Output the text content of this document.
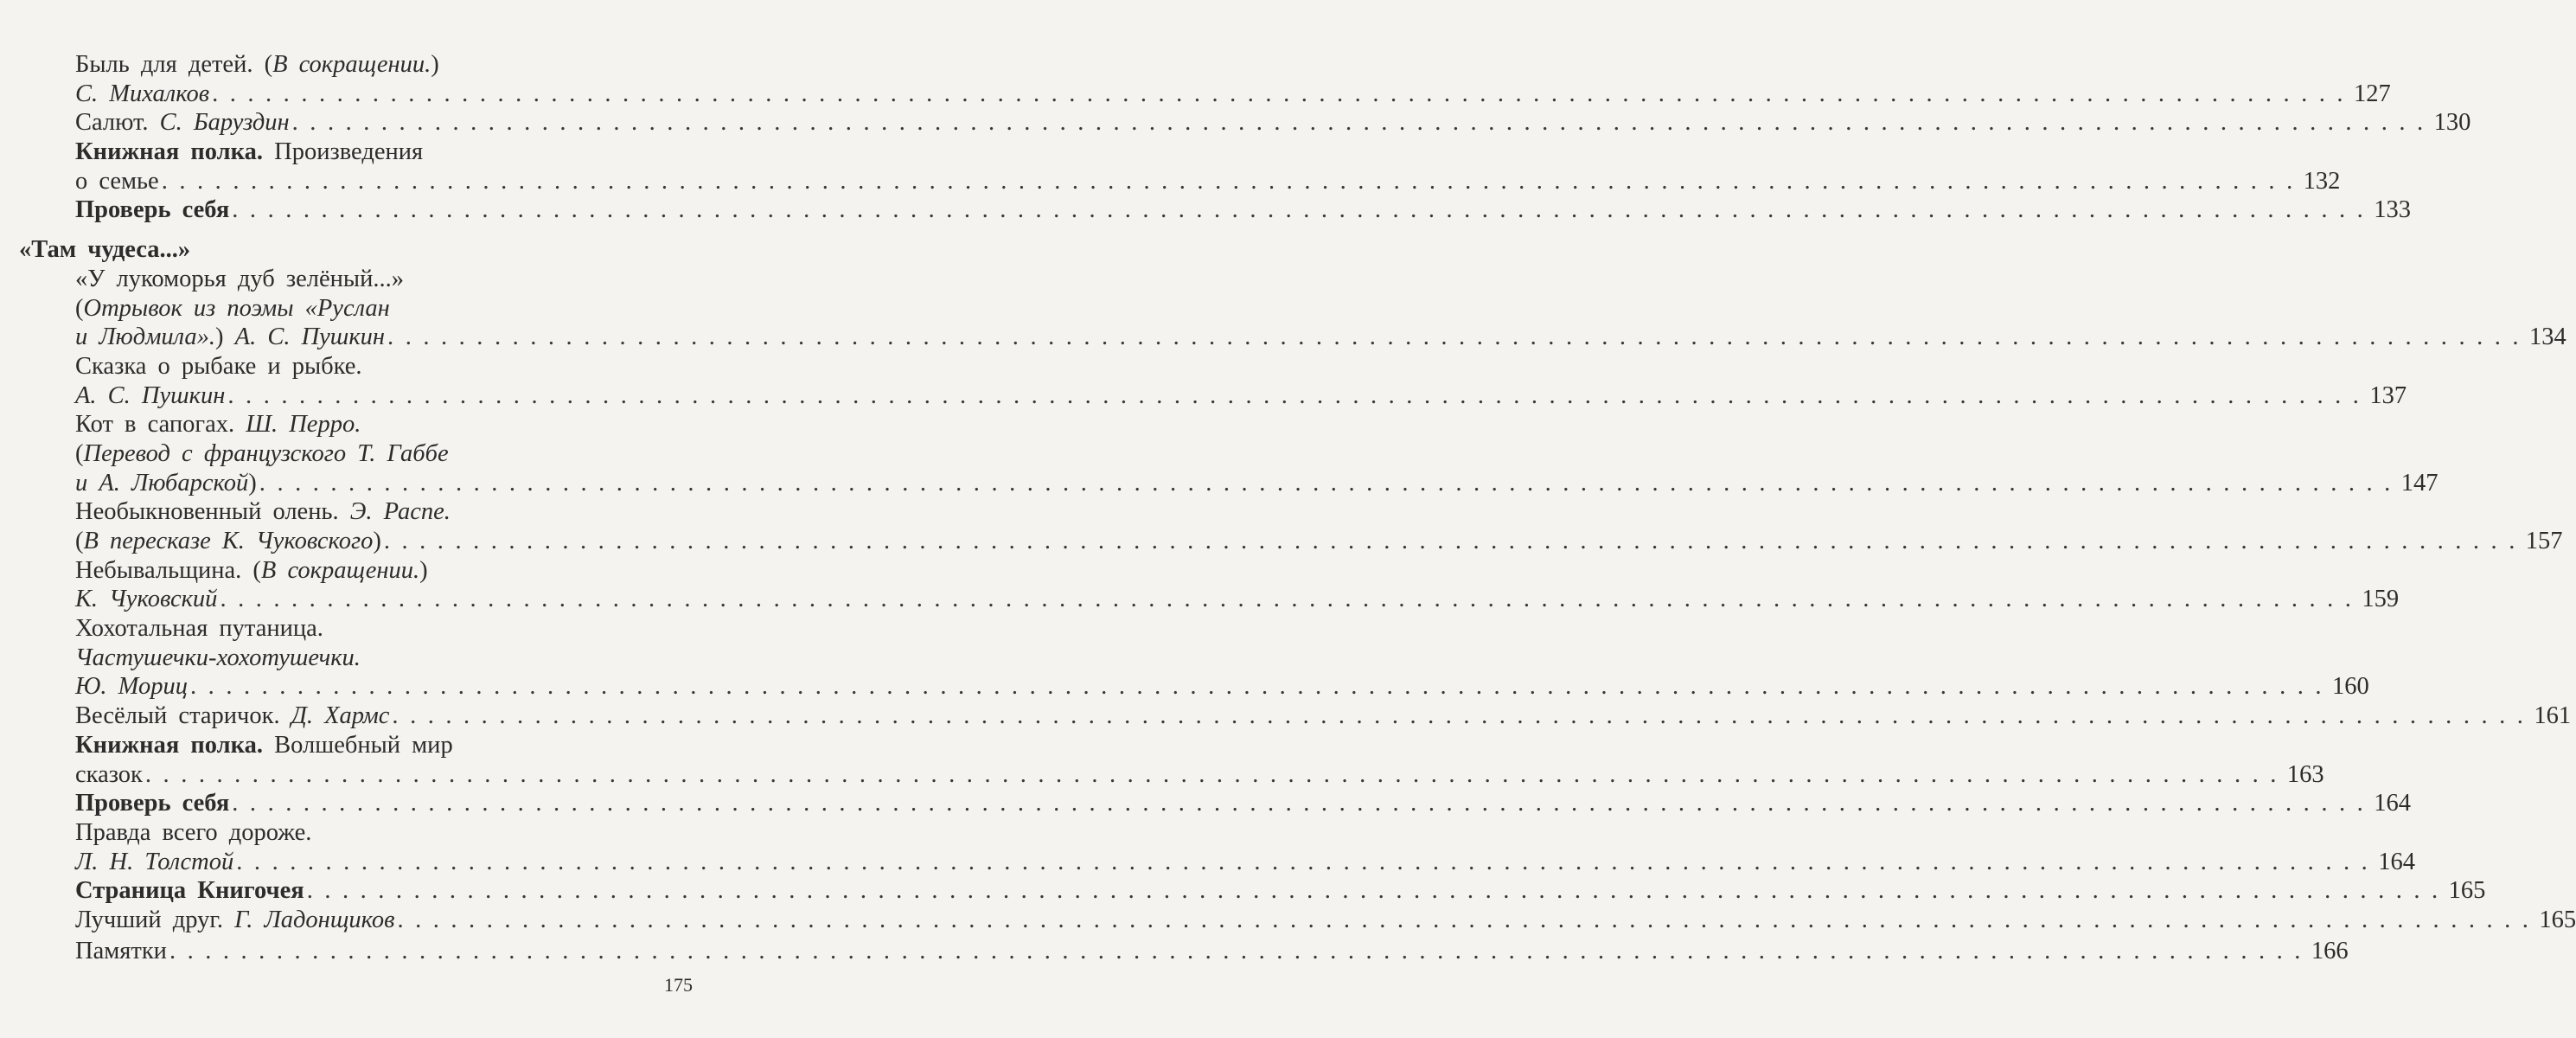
Быль для детей. ( В сокращении. )
С. Михалков . . . . . . . . . . . . . . . . . . . . . . . . . . . . . . . . . . . . . . . . . . . . . . . . . . . . . . . . . . . . . . . . . . . . . . . . . . . . . . . . . . . . . . . . . . . . . . . . . . . . . . . . . . . . . . . . . . . . . . . . 127
Салют. С. Баруздин . . . . . . . . . . . . . . . . . . . . . . . . . . . . . . . . . . . . . . . . . . . . . . . . . . . . . . . . . . . . . . . . . . . . . . . . . . . . . . . . . . . . . . . . . . . . . . . . . . . . . . . . . . . . . . . . . . . . . . . . 130
Книжная полка. Произведения
о семье . . . . . . . . . . . . . . . . . . . . . . . . . . . . . . . . . . . . . . . . . . . . . . . . . . . . . . . . . . . . . . . . . . . . . . . . . . . . . . . . . . . . . . . . . . . . . . . . . . . . . . . . . . . . . . . . . . . . . . . . 132
Проверь себя . . . . . . . . . . . . . . . . . . . . . . . . . . . . . . . . . . . . . . . . . . . . . . . . . . . . . . . . . . . . . . . . . . . . . . . . . . . . . . . . . . . . . . . . . . . . . . . . . . . . . . . . . . . . . . . . . . . . . . . . 133
«Там чудеса...»
«У лукоморья дуб зелёный...»
( Отрывок из поэмы «Руслан
и Людмила». ) А. С. Пушкин . . . . . . . . . . . . . . . . . . . . . . . . . . . . . . . . . . . . . . . . . . . . . . . . . . . . . . . . . . . . . . . . . . . . . . . . . . . . . . . . . . . . . . . . . . . . . . . . . . . . . . . . . . . . . . . . . . . . . . . . 134
Сказка о рыбаке и рыбке.
А. С. Пушкин . . . . . . . . . . . . . . . . . . . . . . . . . . . . . . . . . . . . . . . . . . . . . . . . . . . . . . . . . . . . . . . . . . . . . . . . . . . . . . . . . . . . . . . . . . . . . . . . . . . . . . . . . . . . . . . . . . . . . . . . 137
Кот в сапогах. Ш. Перро.
( Перевод с французского Т. Габбе
и А. Любарской ) . . . . . . . . . . . . . . . . . . . . . . . . . . . . . . . . . . . . . . . . . . . . . . . . . . . . . . . . . . . . . . . . . . . . . . . . . . . . . . . . . . . . . . . . . . . . . . . . . . . . . . . . . . . . . . . . . . . . . . . . 147
Необыкновенный олень. Э. Распе.
( В пересказе К. Чуковского ) . . . . . . . . . . . . . . . . . . . . . . . . . . . . . . . . . . . . . . . . . . . . . . . . . . . . . . . . . . . . . . . . . . . . . . . . . . . . . . . . . . . . . . . . . . . . . . . . . . . . . . . . . . . . . . . . . . . . . . . . 157
Небывальщина. ( В сокращении. )
К. Чуковский . . . . . . . . . . . . . . . . . . . . . . . . . . . . . . . . . . . . . . . . . . . . . . . . . . . . . . . . . . . . . . . . . . . . . . . . . . . . . . . . . . . . . . . . . . . . . . . . . . . . . . . . . . . . . . . . . . . . . . . . 159
Хохотальная путаница.
Частушечки-хохотушечки.
Ю. Мориц . . . . . . . . . . . . . . . . . . . . . . . . . . . . . . . . . . . . . . . . . . . . . . . . . . . . . . . . . . . . . . . . . . . . . . . . . . . . . . . . . . . . . . . . . . . . . . . . . . . . . . . . . . . . . . . . . . . . . . . . 160
Весёлый старичок. Д. Хармс . . . . . . . . . . . . . . . . . . . . . . . . . . . . . . . . . . . . . . . . . . . . . . . . . . . . . . . . . . . . . . . . . . . . . . . . . . . . . . . . . . . . . . . . . . . . . . . . . . . . . . . . . . . . . . . . . . . . . . . . 161
Книжная полка. Волшебный мир
сказок . . . . . . . . . . . . . . . . . . . . . . . . . . . . . . . . . . . . . . . . . . . . . . . . . . . . . . . . . . . . . . . . . . . . . . . . . . . . . . . . . . . . . . . . . . . . . . . . . . . . . . . . . . . . . . . . . . . . . . . . 163
Проверь себя . . . . . . . . . . . . . . . . . . . . . . . . . . . . . . . . . . . . . . . . . . . . . . . . . . . . . . . . . . . . . . . . . . . . . . . . . . . . . . . . . . . . . . . . . . . . . . . . . . . . . . . . . . . . . . . . . . . . . . . . 164
Правда всего дороже.
Л. Н. Толстой . . . . . . . . . . . . . . . . . . . . . . . . . . . . . . . . . . . . . . . . . . . . . . . . . . . . . . . . . . . . . . . . . . . . . . . . . . . . . . . . . . . . . . . . . . . . . . . . . . . . . . . . . . . . . . . . . . . . . . . . 164
Страница Книгочея . . . . . . . . . . . . . . . . . . . . . . . . . . . . . . . . . . . . . . . . . . . . . . . . . . . . . . . . . . . . . . . . . . . . . . . . . . . . . . . . . . . . . . . . . . . . . . . . . . . . . . . . . . . . . . . . . . . . . . . . 165
Лучший друг. Г. Ладонщиков . . . . . . . . . . . . . . . . . . . . . . . . . . . . . . . . . . . . . . . . . . . . . . . . . . . . . . . . . . . . . . . . . . . . . . . . . . . . . . . . . . . . . . . . . . . . . . . . . . . . . . . . . . . . . . . . . . . . . . . . 165
Памятки . . . . . . . . . . . . . . . . . . . . . . . . . . . . . . . . . . . . . . . . . . . . . . . . . . . . . . . . . . . . . . . . . . . . . . . . . . . . . . . . . . . . . . . . . . . . . . . . . . . . . . . . . . . . . . . . . . . . . . . . 166
175
